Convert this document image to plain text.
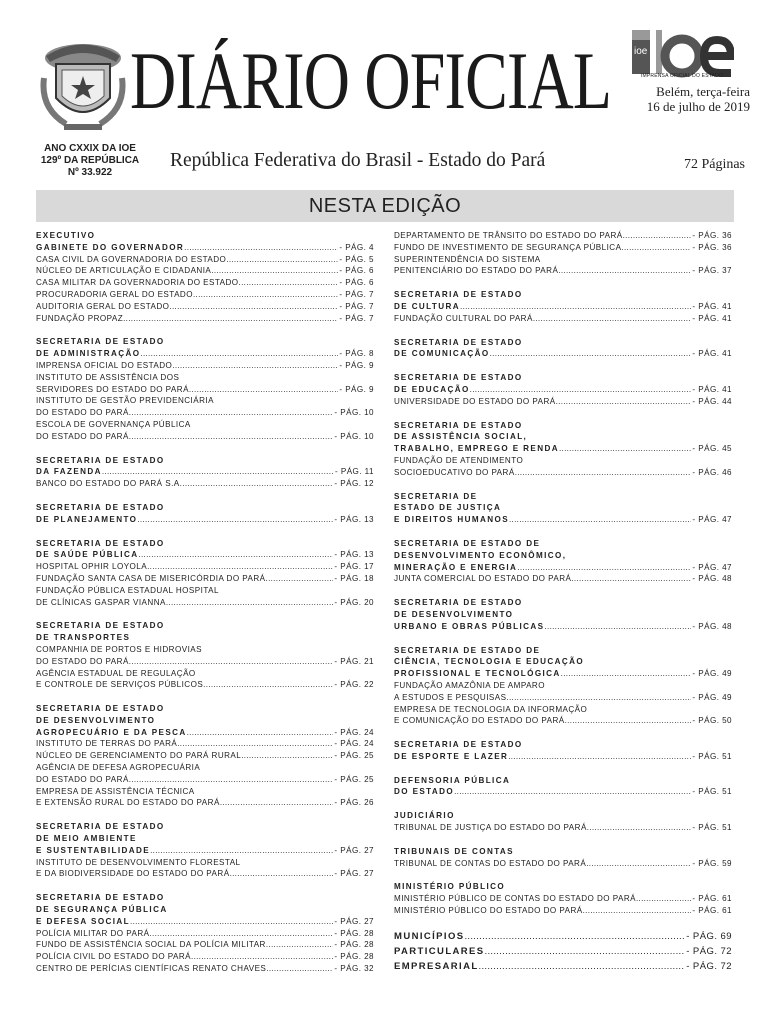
DIÁRIO OFICIAL ioe
IMPRENSA OFICIAL DO ESTADO
Belém, terça-feira
16 de julho de 2019
ANO CXXIX DA IOE
129º DA REPÚBLICA
Nº 33.922
República Federativa do Brasil - Estado do Pará	72 Páginas
NESTA EDIÇÃO
EXECUTIVO
GABINETE DO GOVERNADOR .....	- PÁG. 4
CASA CIVIL DA GOVERNADORIA DO ESTADO .....	- PÁG. 5
NÚCLEO DE ARTICULAÇÃO E CIDADANIA .....	- PÁG. 6
CASA MILITAR DA GOVERNADORIA DO ESTADO .....	- PÁG. 6
PROCURADORIA GERAL DO ESTADO .....	- PÁG. 7
AUDITORIA GERAL DO ESTADO .....	- PÁG. 7
FUNDAÇÃO PROPAZ .....	- PÁG. 7
SECRETARIA DE ESTADO
DE ADMINISTRAÇÃO .....	- PÁG. 8
IMPRENSA OFICIAL DO ESTADO .....	- PÁG. 9
INSTITUTO DE ASSISTÊNCIA DOS
SERVIDORES DO ESTADO DO PARÁ .....	- PÁG. 9
INSTITUTO DE GESTÃO PREVIDENCIÁRIA
DO ESTADO DO PARÁ .....	- PÁG. 10
ESCOLA DE GOVERNANÇA PÚBLICA
DO ESTADO DO PARÁ .....	- PÁG. 10
SECRETARIA DE ESTADO
DA FAZENDA .....	- PÁG. 11
BANCO DO ESTADO DO PARÁ S.A. .....	- PÁG. 12
SECRETARIA DE ESTADO
DE PLANEJAMENTO .....	- PÁG. 13
SECRETARIA DE ESTADO
DE SAÚDE PÚBLICA .....	- PÁG. 13
HOSPITAL OPHIR LOYOLA .....	- PÁG. 17
FUNDAÇÃO SANTA CASA DE MISERICÓRDIA DO PARÁ .....	- PÁG. 18
FUNDAÇÃO PÚBLICA ESTADUAL HOSPITAL
DE CLÍNICAS GASPAR VIANNA .....	- PÁG. 20
SECRETARIA DE ESTADO
DE TRANSPORTES
COMPANHIA DE PORTOS E HIDROVIAS
DO ESTADO DO PARÁ .....	- PÁG. 21
AGÊNCIA ESTADUAL DE REGULAÇÃO
E CONTROLE DE SERVIÇOS PÚBLICOS .....	- PÁG. 22
SECRETARIA DE ESTADO
DE DESENVOLVIMENTO
AGROPECUÁRIO E DA PESCA .....	- PÁG. 24
INSTITUTO DE TERRAS DO PARÁ .....	- PÁG. 24
NÚCLEO DE GERENCIAMENTO DO PARÁ RURAL .....	- PÁG. 25
AGÊNCIA DE DEFESA AGROPECUÁRIA
DO ESTADO DO PARÁ .....	- PÁG. 25
EMPRESA DE ASSISTÊNCIA TÉCNICA
E EXTENSÃO RURAL DO ESTADO DO PARÁ .....	- PÁG. 26
SECRETARIA DE ESTADO
DE MEIO AMBIENTE
E SUSTENTABILIDADE .....	- PÁG. 27
INSTITUTO DE DESENVOLVIMENTO FLORESTAL
E DA BIODIVERSIDADE DO ESTADO DO PARÁ .....	- PÁG. 27
SECRETARIA DE ESTADO
DE SEGURANÇA PÚBLICA
E DEFESA SOCIAL .....	- PÁG. 27
POLÍCIA MILITAR DO PARÁ .....	- PÁG. 28
FUNDO DE ASSISTÊNCIA SOCIAL DA POLÍCIA MILITAR .....	- PÁG. 28
POLÍCIA CIVIL DO ESTADO DO PARÁ .....	- PÁG. 28
CENTRO DE PERÍCIAS CIENTÍFICAS RENATO CHAVES .....	- PÁG. 32
DEPARTAMENTO DE TRÂNSITO DO ESTADO DO PARÁ .....	- PÁG. 36
FUNDO DE INVESTIMENTO DE SEGURANÇA PÚBLICA .....	- PÁG. 36
SUPERINTENDÊNCIA DO SISTEMA
PENITENCIÁRIO DO ESTADO DO PARÁ .....	- PÁG. 37
SECRETARIA DE ESTADO
DE CULTURA .....	- PÁG. 41
FUNDAÇÃO CULTURAL DO PARÁ .....	- PÁG. 41
SECRETARIA DE ESTADO
DE COMUNICAÇÃO .....	- PÁG. 41
SECRETARIA DE ESTADO
DE EDUCAÇÃO .....	- PÁG. 41
UNIVERSIDADE DO ESTADO DO PARÁ .....	- PÁG. 44
SECRETARIA DE ESTADO
DE ASSISTÊNCIA SOCIAL,
TRABALHO, EMPREGO E RENDA .....	- PÁG. 45
FUNDAÇÃO DE ATENDIMENTO
SOCIOEDUCATIVO DO PARÁ .....	- PÁG. 46
SECRETARIA DE
ESTADO DE JUSTIÇA
E DIREITOS HUMANOS .....	- PÁG. 47
SECRETARIA DE ESTADO DE
DESENVOLVIMENTO ECONÔMICO,
MINERAÇÃO E ENERGIA .....	- PÁG. 47
JUNTA COMERCIAL DO ESTADO DO PARÁ .....	- PÁG. 48
SECRETARIA DE ESTADO
DE DESENVOLVIMENTO
URBANO E OBRAS PÚBLICAS .....	- PÁG. 48
SECRETARIA DE ESTADO DE
CIÊNCIA, TECNOLOGIA E EDUCAÇÃO
PROFISSIONAL E TECNOLÓGICA .....	- PÁG. 49
FUNDAÇÃO AMAZÔNIA DE AMPARO
A ESTUDOS E PESQUISAS .....	- PÁG. 49
EMPRESA DE TECNOLOGIA DA INFORMAÇÃO
E COMUNICAÇÃO DO ESTADO DO PARÁ .....	- PÁG. 50
SECRETARIA DE ESTADO
DE ESPORTE E LAZER .....	- PÁG. 51
DEFENSORIA PÚBLICA
DO ESTADO .....	- PÁG. 51
JUDICIÁRIO
TRIBUNAL DE JUSTIÇA DO ESTADO DO PARÁ .....	- PÁG. 51
TRIBUNAIS DE CONTAS
TRIBUNAL DE CONTAS DO ESTADO DO PARÁ .....	- PÁG. 59
MINISTÉRIO PÚBLICO
MINISTÉRIO PÚBLICO DE CONTAS DO ESTADO DO PARÁ .....	- PÁG. 61
MINISTÉRIO PÚBLICO DO ESTADO DO PARÁ .....	- PÁG. 61
MUNICÍPIOS .....	- PÁG. 69
PARTICULARES .....	- PÁG. 72
EMPRESARIAL .....	- PÁG. 72
